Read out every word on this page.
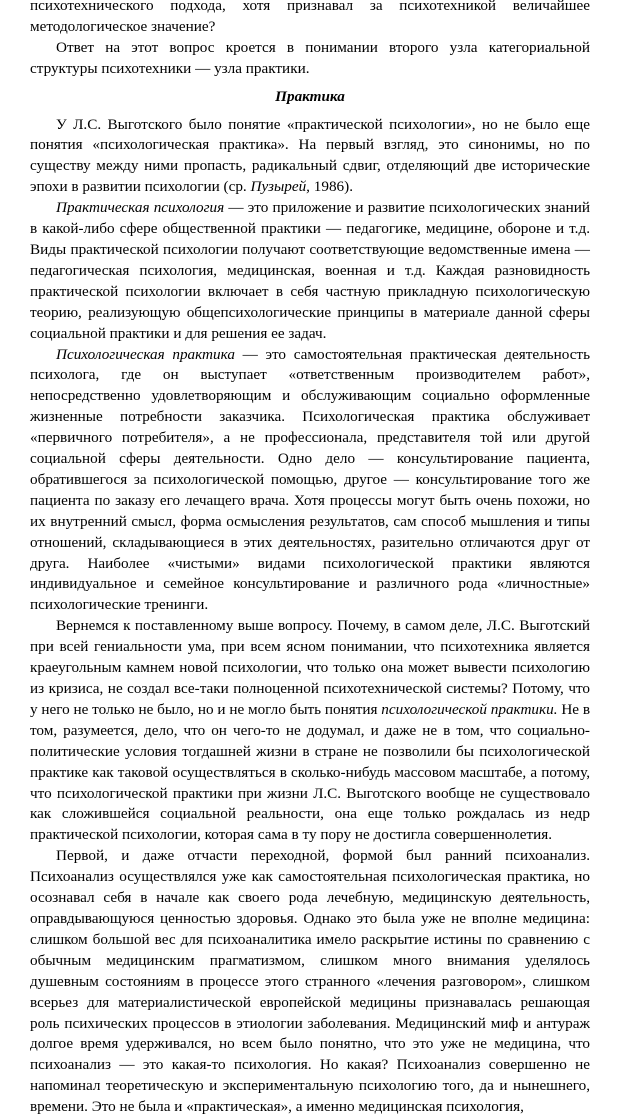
психотехнического подхода, хотя признавал за психотехникой величайшее методологическое значение?

Ответ на этот вопрос кроется в понимании второго узла категориальной структуры психотехники — узла практики.

Практика

У Л.С. Выготского было понятие «практической психологии», но не было еще понятия «психологическая практика». На первый взгляд, это синонимы, но по существу между ними пропасть, радикальный сдвиг, отделяющий две исторические эпохи в развитии психологии (ср. Пузырей, 1986).

Практическая психология — это приложение и развитие психологических знаний в какой-либо сфере общественной практики — педагогике, медицине, обороне и т.д. Виды практической психологии получают соответствующие ведомственные имена — педагогическая психология, медицинская, военная и т.д. Каждая разновидность практической психологии включает в себя частную прикладную психологическую теорию, реализующую общепсихологические принципы в материале данной сферы социальной практики и для решения ее задач.

Психологическая практика — это самостоятельная практическая деятельность психолога, где он выступает «ответственным производителем работ», непосредственно удовлетворяющим и обслуживающим социально оформленные жизненные потребности заказчика. Психологическая практика обслуживает «первичного потребителя», а не профессионала, представителя той или другой социальной сферы деятельности. Одно дело — консультирование пациента, обратившегося за психологической помощью, другое — консультирование того же пациента по заказу его лечащего врача. Хотя процессы могут быть очень похожи, но их внутренний смысл, форма осмысления результатов, сам способ мышления и типы отношений, складывающиеся в этих деятельностях, разительно отличаются друг от друга. Наиболее «чистыми» видами психологической практики являются индивидуальное и семейное консультирование и различного рода «личностные» психологические тренинги.

Вернемся к поставленному выше вопросу. Почему, в самом деле, Л.С. Выготский при всей гениальности ума, при всем ясном понимании, что психотехника является краеугольным камнем новой психологии, что только она может вывести психологию из кризиса, не создал все-таки полноценной психотехнической системы? Потому, что у него не только не было, но и не могло быть понятия психологической практики. Не в том, разумеется, дело, что он чего-то не додумал, и даже не в том, что социально-политические условия тогдашней жизни в стране не позволили бы психологической практике как таковой осуществляться в сколько-нибудь массовом масштабе, а потому, что психологической практики при жизни Л.С. Выготского вообще не существовало как сложившейся социальной реальности, она еще только рождалась из недр практической психологии, которая сама в ту пору не достигла совершеннолетия.

Первой, и даже отчасти переходной, формой был ранний психоанализ. Психоанализ осуществлялся уже как самостоятельная психологическая практика, но осознавал себя в начале как своего рода лечебную, медицинскую деятельность, оправдывающуюся ценностью здоровья. Однако это была уже не вполне медицина: слишком большой вес для психоаналитика имело раскрытие истины по сравнению с обычным медицинским прагматизмом, слишком много внимания уделялось душевным состояниям в процессе этого странного «лечения разговором», слишком всерьез для материалистической европейской медицины признавалась решающая роль психических процессов в этиологии заболевания. Медицинский миф и антураж долгое время удерживался, но всем было понятно, что это уже не медицина, что психоанализ — это какая-то психология. Но какая? Психоанализ совершенно не напоминал теоретическую и экспериментальную психологию того, да и нынешнего, времени. Это не была и «практическая», а именно медицинская психология,
